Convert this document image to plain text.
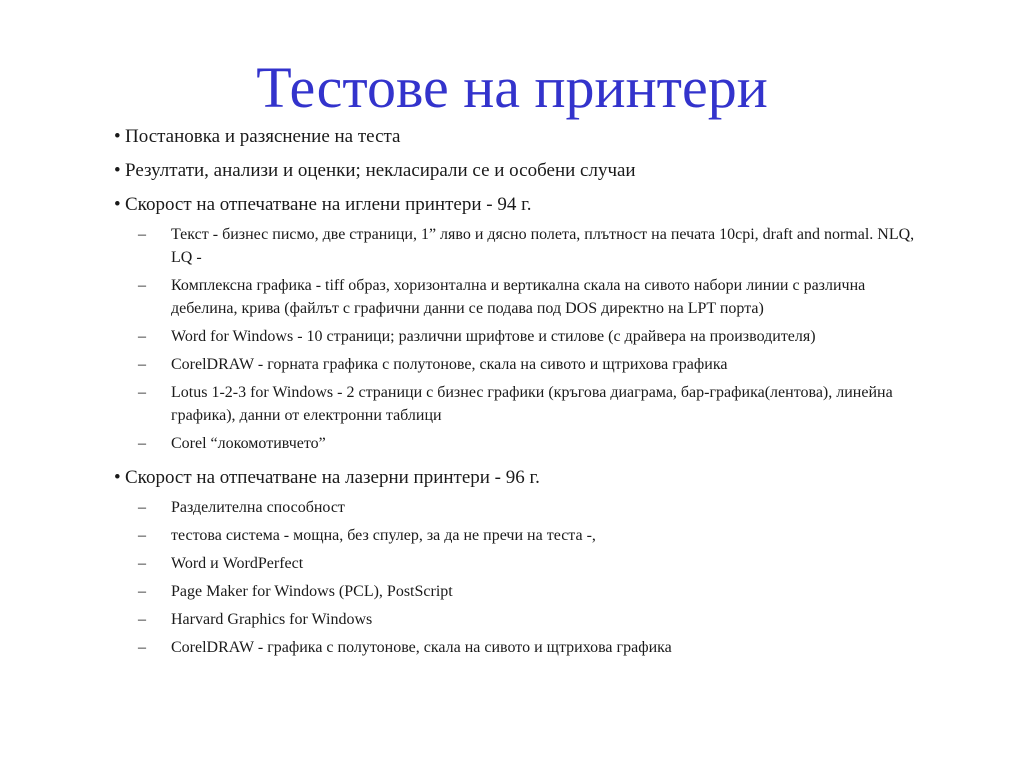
Тестове на принтери
• Постановка и разяснение на теста
• Резултати, анализи и оценки; некласирали се и особени случаи
• Скорост на отпечатване на иглени принтери - 94 г.
–	Текст - бизнес писмо, две страници, 1” ляво и дясно полета, плътност на печата 10cpi, draft and normal. NLQ, LQ -
–	Комплексна графика - tiff образ, хоризонтална и вертикална скала на сивото набори линии с различна дебелина, крива (файлът с графични данни се подава под DOS директно на LPT порта)
–	Word for Windows - 10 страници; различни шрифтове и стилове (с драйвера на производителя)
–	CorelDRAW - горната графика с полутонове, скала на сивото и щтрихова графика
–	Lotus 1-2-3 for Windows - 2 страници с бизнес графики (кръгова диаграма, бар-графика(лентова), линейна графика), данни от електронни таблици
–	Corel “локомотивчето”
• Скорост на отпечатване на лазерни принтери - 96 г.
–	Разделителна способност
–	тестова система - мощна, без спулер, за да не пречи на теста -,
–	Word и WordPerfect
–	Page Maker for Windows (PCL), PostScript
–	Harvard Graphics for Windows
–	CorelDRAW - графика с полутонове, скала на сивото и щтрихова графика
